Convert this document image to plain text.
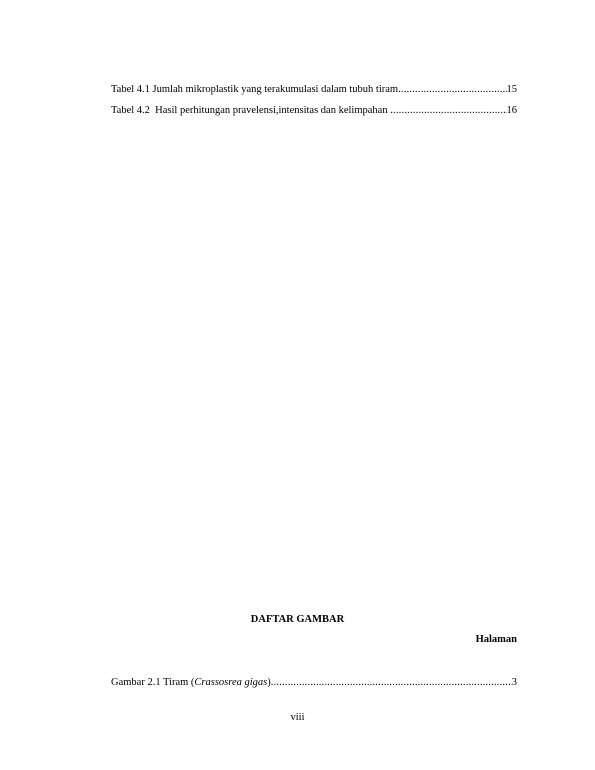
Tabel 4.1 Jumlah mikroplastik yang terakumulasi dalam tubuh tiram .....	15
Tabel 4.2  Hasil perhitungan pravelensi,intensitas dan kelimpahan .....	16
DAFTAR GAMBAR
Halaman
Gambar 2.1 Tiram (Crassosrea gigas) .....	3
viii
